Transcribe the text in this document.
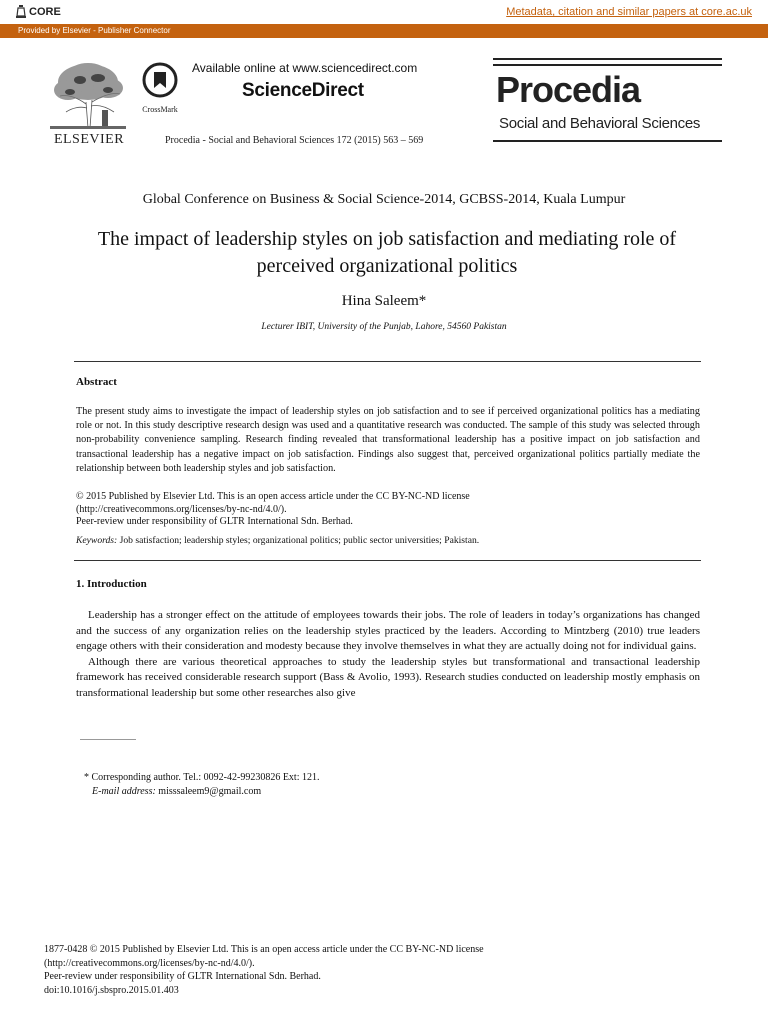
CORE	Metadata, citation and similar papers at core.ac.uk
Provided by Elsevier - Publisher Connector
ELSEVIER
CrossMark
Available online at www.sciencedirect.com
ScienceDirect
Procedia - Social and Behavioral Sciences 172 (2015) 563 – 569
Procedia
Social and Behavioral Sciences
Global Conference on Business & Social Science-2014, GCBSS-2014, Kuala Lumpur
The impact of leadership styles on job satisfaction and mediating role of perceived organizational politics
Hina Saleem*
Lecturer IBIT, University of the Punjab, Lahore, 54560 Pakistan
Abstract
The present study aims to investigate the impact of leadership styles on job satisfaction and to see if perceived organizational politics has a mediating role or not. In this study descriptive research design was used and a quantitative research was conducted. The sample of this study was selected through non-probability convenience sampling. Research finding revealed that transformational leadership has a positive impact on job satisfaction and transactional leadership has a negative impact on job satisfaction. Findings also suggest that, perceived organizational politics partially mediate the relationship between both leadership styles and job satisfaction.
© 2015 Published by Elsevier Ltd. This is an open access article under the CC BY-NC-ND license
(http://creativecommons.org/licenses/by-nc-nd/4.0/).
Peer-review under responsibility of GLTR International Sdn. Berhad.
Keywords: Job satisfaction; leadership styles; organizational politics; public sector universities; Pakistan.
1. Introduction

Leadership has a stronger effect on the attitude of employees towards their jobs. The role of leaders in today’s organizations has changed and the success of any organization relies on the leadership styles practiced by the leaders. According to Mintzberg (2010) true leaders engage others with their consideration and modesty because they involve themselves in what they are actually doing not for individual gains.

Although there are various theoretical approaches to study the leadership styles but transformational and transactional leadership framework has received considerable research support (Bass & Avolio, 1993). Research studies conducted on leadership mostly emphasis on transformational leadership but some other researches also give

* Corresponding author. Tel.: 0092-42-99230826 Ext: 121.
E-mail address: misssaleem9@gmail.com
1877-0428 © 2015 Published by Elsevier Ltd. This is an open access article under the CC BY-NC-ND license
(http://creativecommons.org/licenses/by-nc-nd/4.0/).
Peer-review under responsibility of GLTR International Sdn. Berhad.
doi:10.1016/j.sbspro.2015.01.403
